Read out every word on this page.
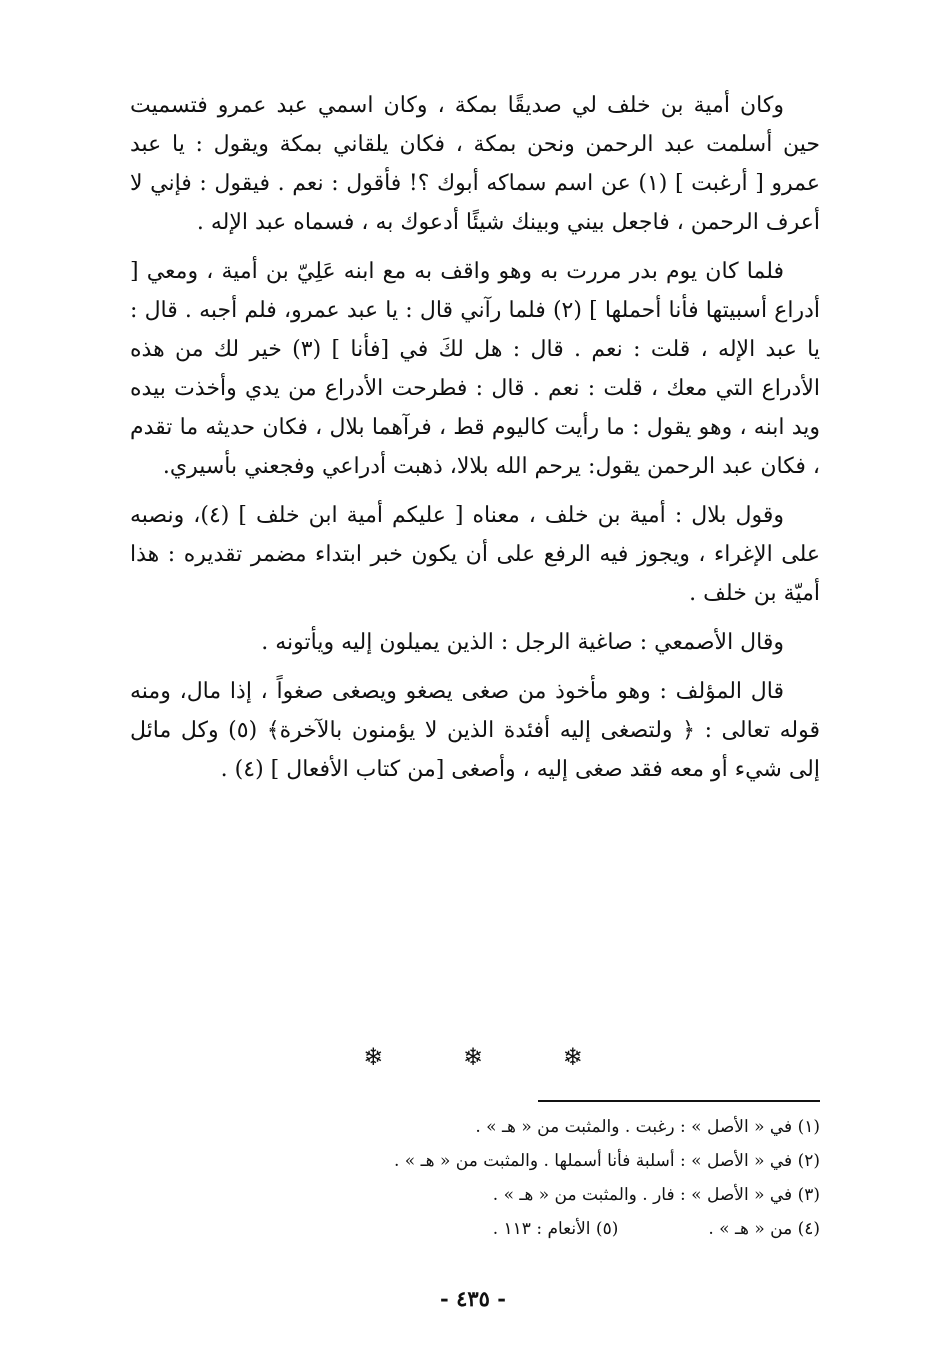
وكان أمية بن خلف لي صديقًا بمكة ، وكان اسمي عبد عمرو فتسميت حين أسلمت عبد الرحمن ونحن بمكة ، فكان يلقاني بمكة ويقول : يا عبد عمرو [ أرغبت ] (١) عن اسم سماكه أبوك ؟! فأقول : نعم . فيقول : فإني لا أعرف الرحمن ، فاجعل بيني وبينك شيئًا أدعوك به ، فسماه عبد الإله .

فلما كان يوم بدر مررت به وهو واقف به مع ابنه عَلِيّ بن أمية ، ومعي [ أدراع أسبيتها فأنا أحملها ] (٢) فلما رآني قال : يا عبد عمرو، فلم أجبه . قال : يا عبد الإله ، قلت : نعم . قال : هل لكَ في [فأنا ] (٣) خير لك من هذه الأدراع التي معك ، قلت : نعم . قال : فطرحت الأدراع من يدي وأخذت بيده ويد ابنه ، وهو يقول : ما رأيت كاليوم قط ، فرآهما بلال ، فكان حديثه ما تقدم ، فكان عبد الرحمن يقول: يرحم الله بلالا، ذهبت أدراعي وفجعني بأسيري.

وقول بلال : أمية بن خلف ، معناه [ عليكم أمية ابن خلف ] (٤)، ونصبه على الإغراء ، ويجوز فيه الرفع على أن يكون خبر ابتداء مضمر تقديره : هذا أميّة بن خلف .

وقال الأصمعي : صاغية الرجل : الذين يميلون إليه ويأتونه .

قال المؤلف : وهو مأخوذ من صغى يصغو ويصغى صغواً ، إذا مال، ومنه قوله تعالى : ﴿ ولتصغى إليه أفئدة الذين لا يؤمنون بالآخرة﴾ (٥) وكل مائل إلى شيء أو معه فقد صغى إليه ، وأصغى [من كتاب الأفعال ] (٤) .

❄	❄	❄
(١) في « الأصل » : رغبت . والمثبت من « هـ » .
(٢) في « الأصل » : أسلبة فأنا أسملها . والمثبت من « هـ » .
(٣) في « الأصل » : فار . والمثبت من « هـ » .
(٤) من « هـ » .(٥) الأنعام : ١١٣ .
- ٤٣٥ -
